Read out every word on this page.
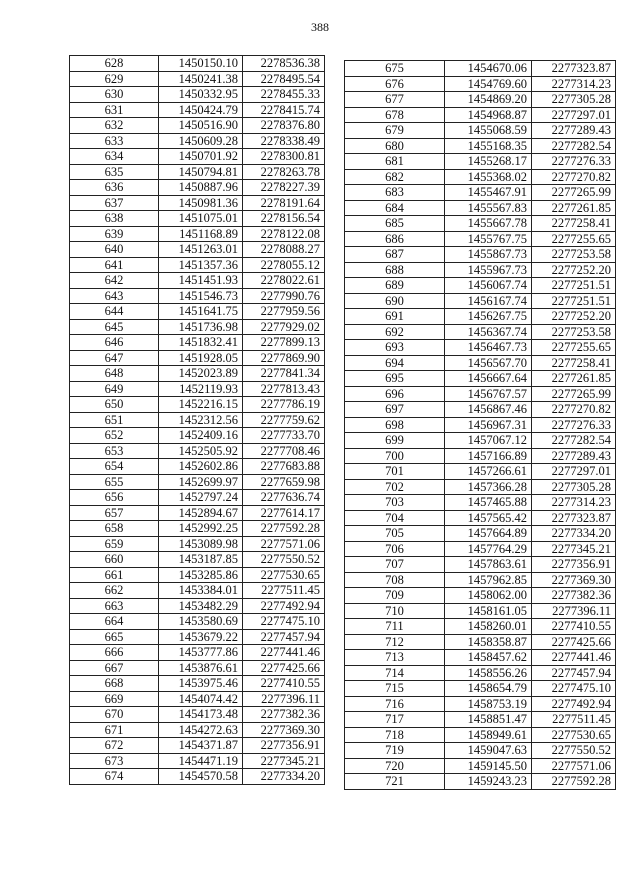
388
628	1450150.10	2278536.38
629	1450241.38	2278495.54
630	1450332.95	2278455.33
631	1450424.79	2278415.74
632	1450516.90	2278376.80
633	1450609.28	2278338.49
634	1450701.92	2278300.81
635	1450794.81	2278263.78
636	1450887.96	2278227.39
637	1450981.36	2278191.64
638	1451075.01	2278156.54
639	1451168.89	2278122.08
640	1451263.01	2278088.27
641	1451357.36	2278055.12
642	1451451.93	2278022.61
643	1451546.73	2277990.76
644	1451641.75	2277959.56
645	1451736.98	2277929.02
646	1451832.41	2277899.13
647	1451928.05	2277869.90
648	1452023.89	2277841.34
649	1452119.93	2277813.43
650	1452216.15	2277786.19
651	1452312.56	2277759.62
652	1452409.16	2277733.70
653	1452505.92	2277708.46
654	1452602.86	2277683.88
655	1452699.97	2277659.98
656	1452797.24	2277636.74
657	1452894.67	2277614.17
658	1452992.25	2277592.28
659	1453089.98	2277571.06
660	1453187.85	2277550.52
661	1453285.86	2277530.65
662	1453384.01	2277511.45
663	1453482.29	2277492.94
664	1453580.69	2277475.10
665	1453679.22	2277457.94
666	1453777.86	2277441.46
667	1453876.61	2277425.66
668	1453975.46	2277410.55
669	1454074.42	2277396.11
670	1454173.48	2277382.36
671	1454272.63	2277369.30
672	1454371.87	2277356.91
673	1454471.19	2277345.21
674	1454570.58	2277334.20
675	1454670.06	2277323.87
676	1454769.60	2277314.23
677	1454869.20	2277305.28
678	1454968.87	2277297.01
679	1455068.59	2277289.43
680	1455168.35	2277282.54
681	1455268.17	2277276.33
682	1455368.02	2277270.82
683	1455467.91	2277265.99
684	1455567.83	2277261.85
685	1455667.78	2277258.41
686	1455767.75	2277255.65
687	1455867.73	2277253.58
688	1455967.73	2277252.20
689	1456067.74	2277251.51
690	1456167.74	2277251.51
691	1456267.75	2277252.20
692	1456367.74	2277253.58
693	1456467.73	2277255.65
694	1456567.70	2277258.41
695	1456667.64	2277261.85
696	1456767.57	2277265.99
697	1456867.46	2277270.82
698	1456967.31	2277276.33
699	1457067.12	2277282.54
700	1457166.89	2277289.43
701	1457266.61	2277297.01
702	1457366.28	2277305.28
703	1457465.88	2277314.23
704	1457565.42	2277323.87
705	1457664.89	2277334.20
706	1457764.29	2277345.21
707	1457863.61	2277356.91
708	1457962.85	2277369.30
709	1458062.00	2277382.36
710	1458161.05	2277396.11
711	1458260.01	2277410.55
712	1458358.87	2277425.66
713	1458457.62	2277441.46
714	1458556.26	2277457.94
715	1458654.79	2277475.10
716	1458753.19	2277492.94
717	1458851.47	2277511.45
718	1458949.61	2277530.65
719	1459047.63	2277550.52
720	1459145.50	2277571.06
721	1459243.23	2277592.28
